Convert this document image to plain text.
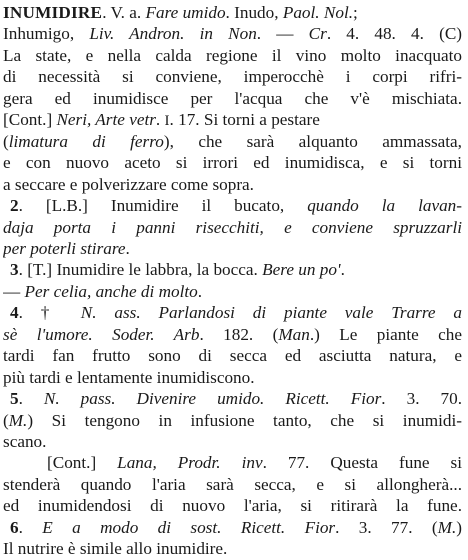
INUMIDIRE. V. a. Fare umido. Inudo, Paol. Nol.;
Inhumigo, Liv. Andron. in Non. — Cr. 4. 48. 4. (C)
La state, e nella calda regione il vino molto inacquato
di necessità si conviene, imperocchè i corpi rifri-
gera ed inumidisce per l'acqua che v'è mischiata.
[Cont.] Neri, Arte vetr. I. 17. Si torni a pestare
(limatura di ferro), che sarà alquanto ammassata,
e con nuovo aceto si irrori ed inumidisca, e si torni
a seccare e polverizzare come sopra.
2. [L.B.] Inumidire il bucato, quando la lavan-
daja porta i panni risecchiti, e conviene spruzzarli
per poterli stirare.
3. [T.] Inumidire le labbra, la bocca. Bere un po'.
— Per celia, anche di molto.
4. † N. ass. Parlandosi di piante vale Trarre a
sè l'umore. Soder. Arb. 182. (Man.) Le piante che
tardi fan frutto sono di secca ed asciutta natura, e
più tardi e lentamente inumidiscono.
5. N. pass. Divenire umido. Ricett. Fior. 3. 70.
(M.) Si tengono in infusione tanto, che si inumidi-
scano.
[Cont.] Lana, Prodr. inv. 77. Questa fune si
stenderà quando l'aria sarà secca, e si allongherà...
ed inumidendosi di nuovo l'aria, si ritirarà la fune.
6. E a modo di sost. Ricett. Fior. 3. 77. (M.)
Il nutrire è simile allo inumidire.
